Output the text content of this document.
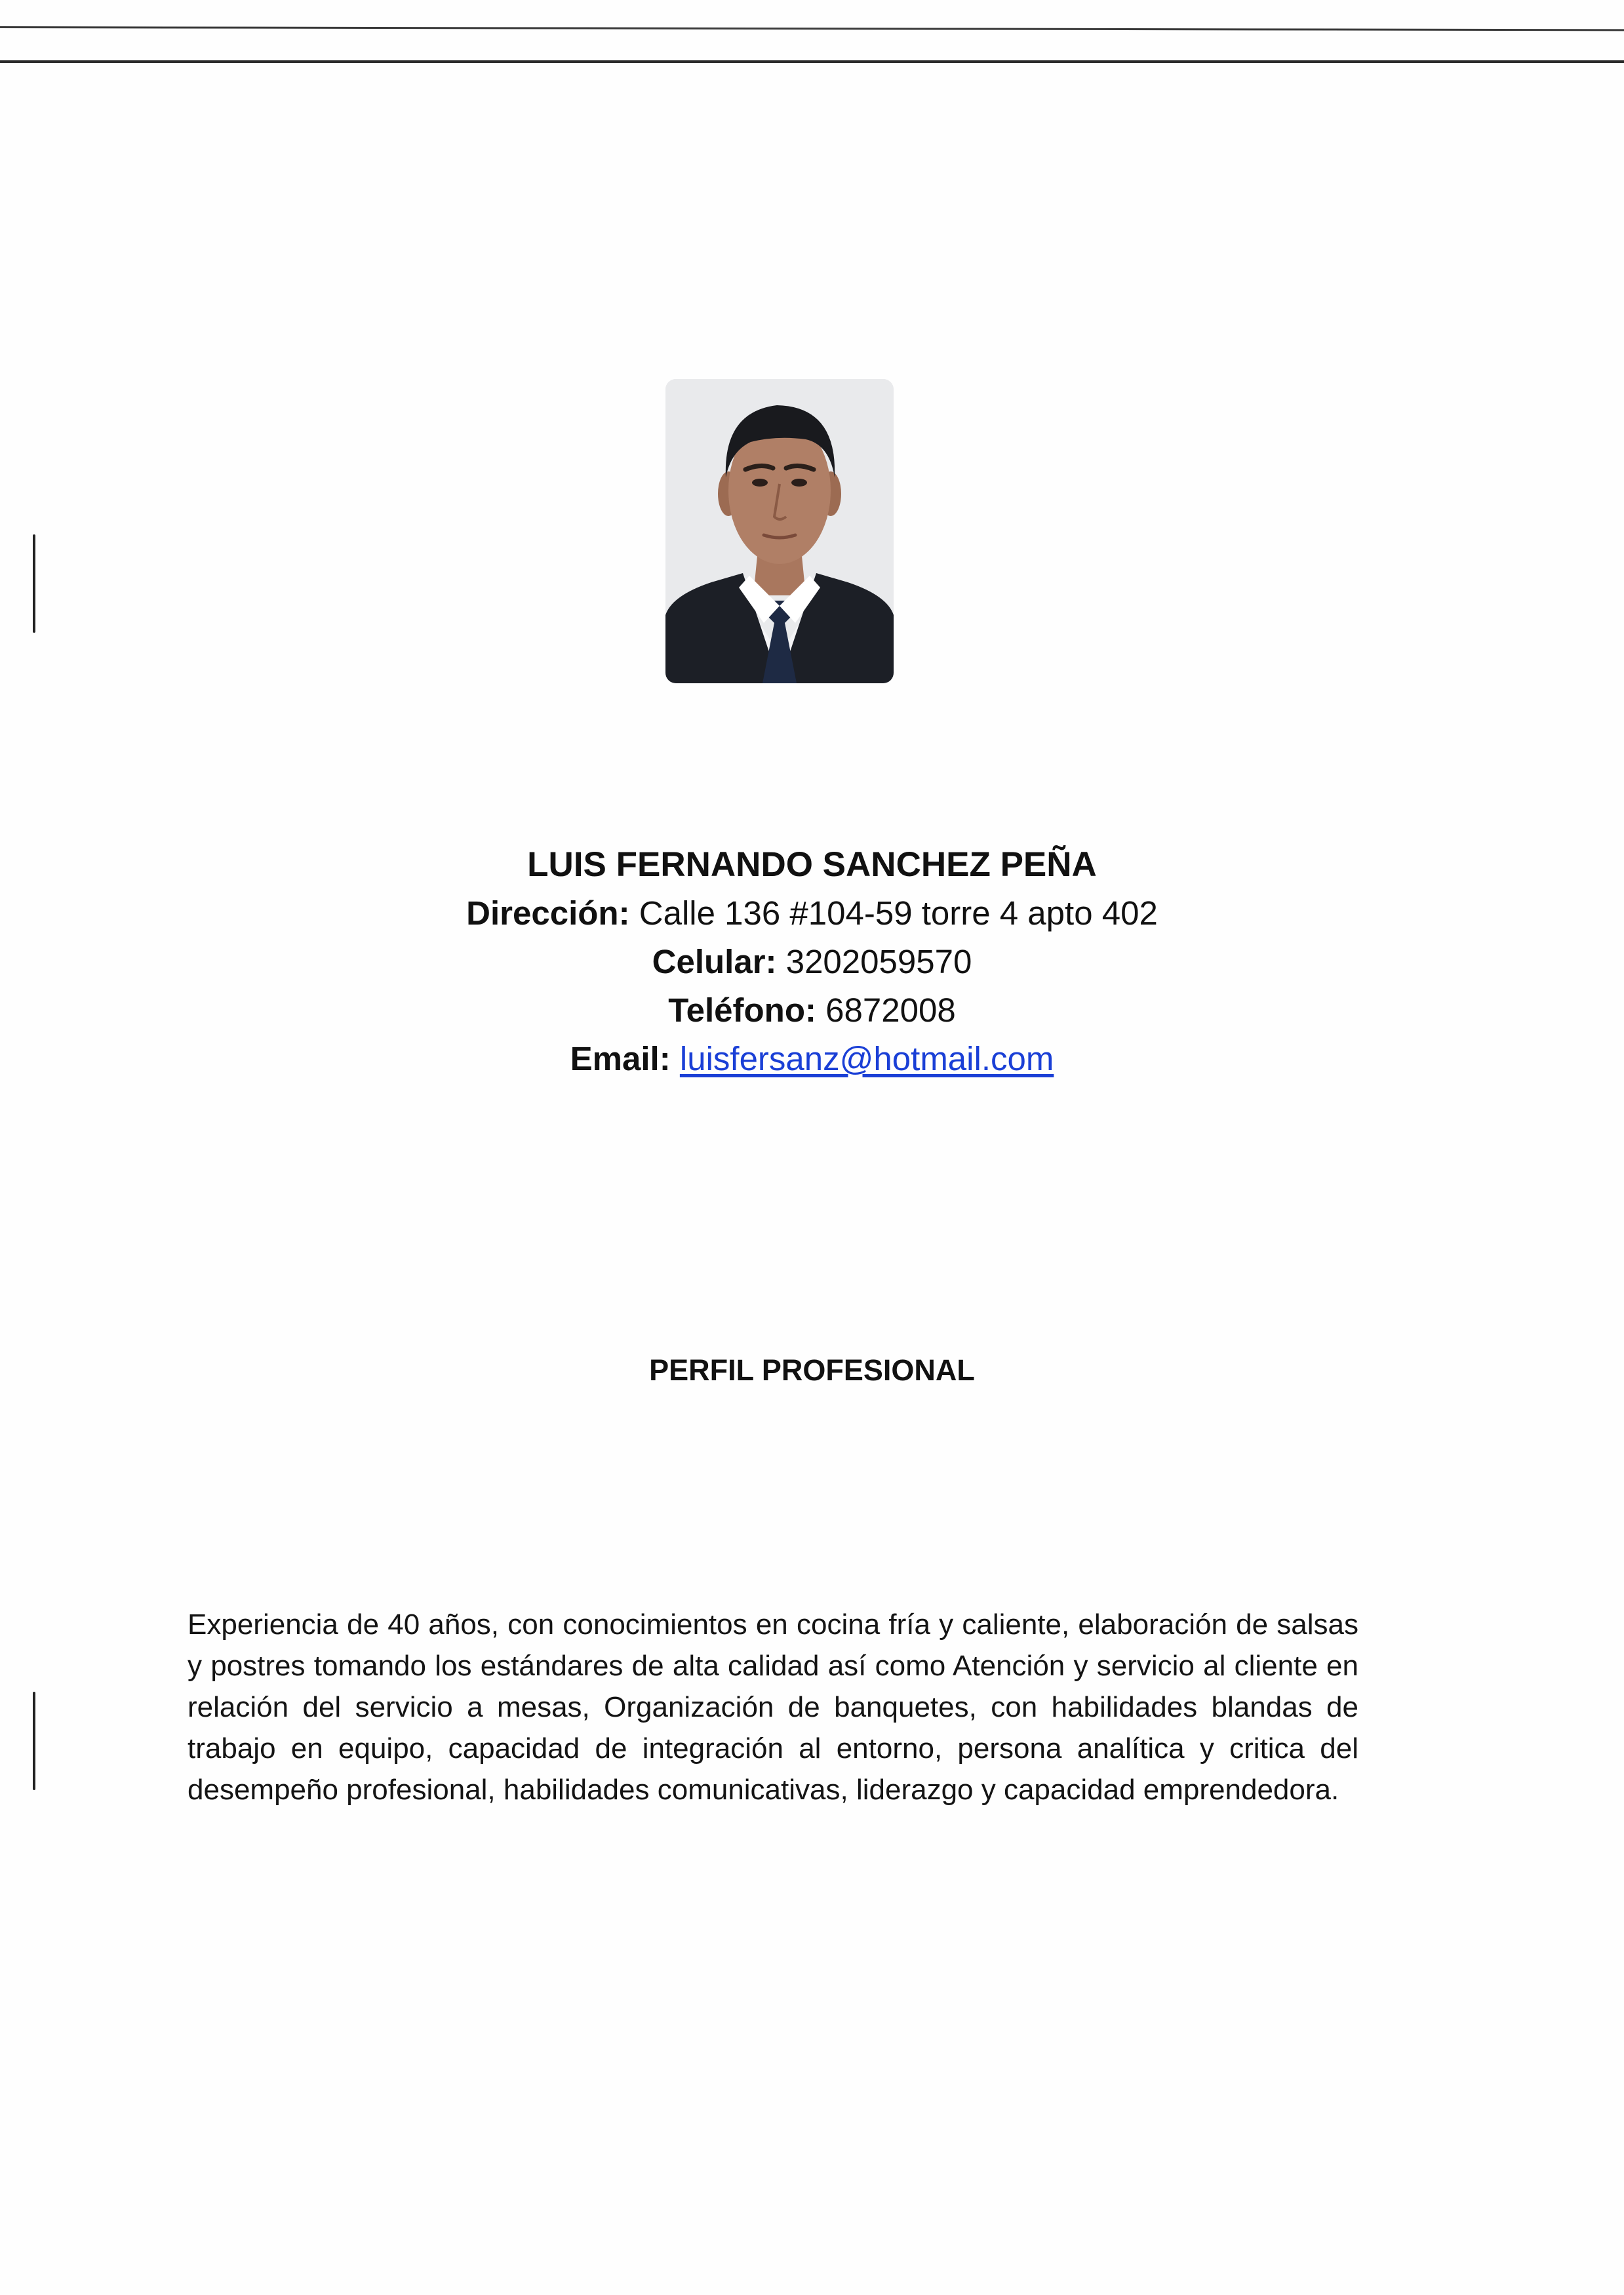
LUIS FERNANDO SANCHEZ PEÑA
Dirección: Calle 136 #104-59 torre 4 apto 402
Celular: 3202059570
Teléfono: 6872008
Email: luisfersanz@hotmail.com
PERFIL PROFESIONAL
Experiencia de 40 años, con conocimientos en cocina fría y caliente, elaboración de salsas y postres tomando los estándares de alta calidad así como Atención y servicio al cliente en relación del servicio a mesas, Organización de banquetes, con habilidades blandas de trabajo en equipo, capacidad de integración al entorno, persona analítica y critica del desempeño profesional, habilidades comunicativas, liderazgo y capacidad emprendedora.
